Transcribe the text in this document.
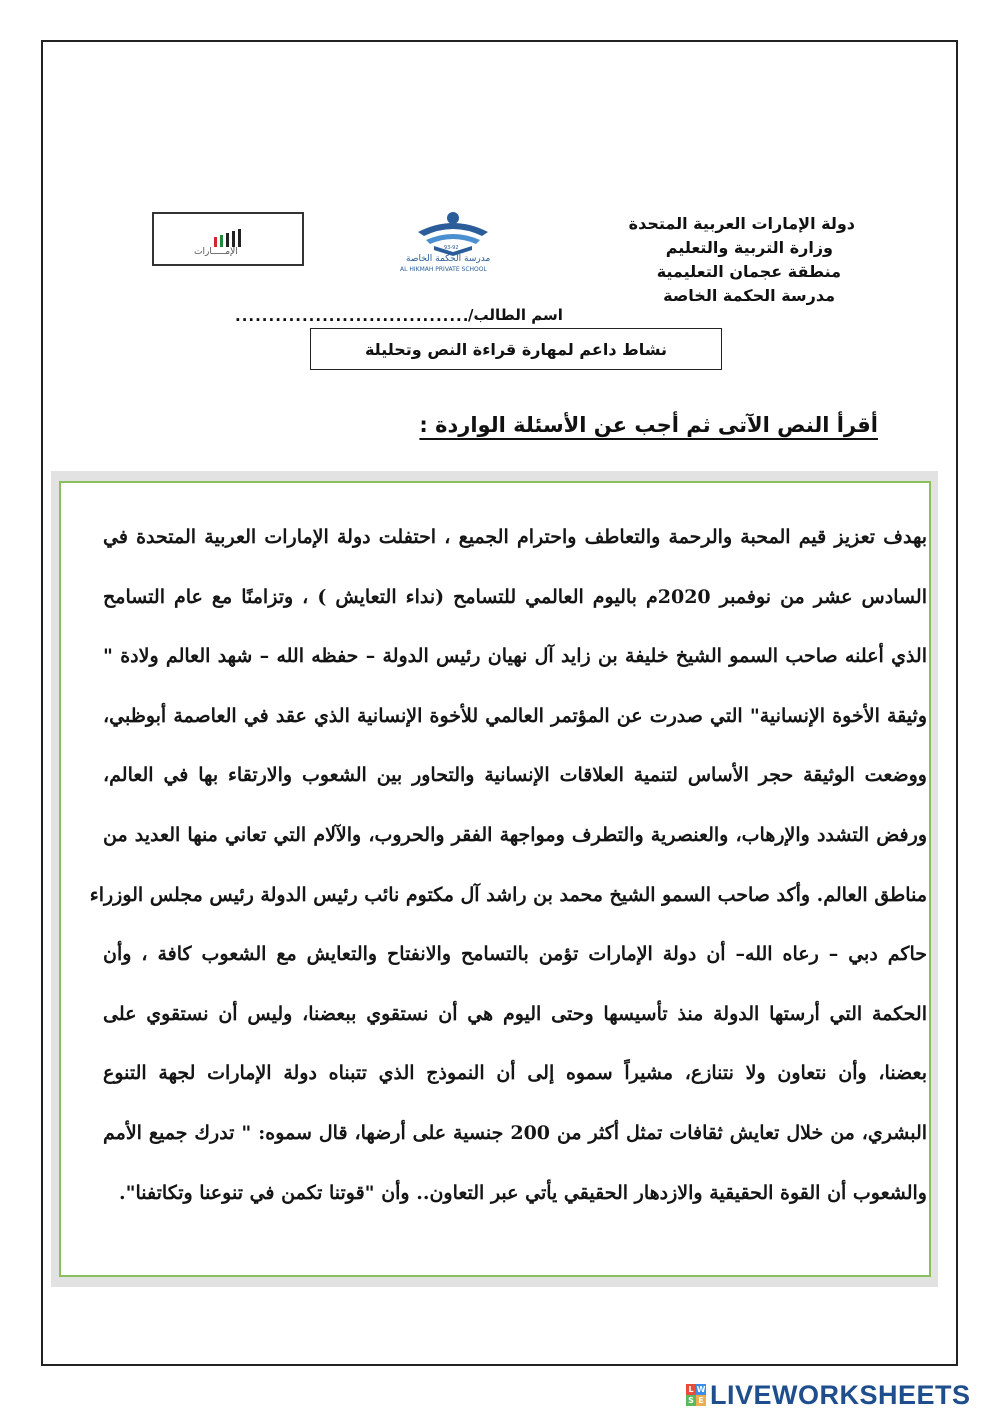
دولة الإمارات العربية المتحدة
وزارة التربية والتعليم
منطقة عجمان التعليمية
مدرسة الحكمة الخاصة
الإمـــــارات	93-92
مدرسة الحكمة الخاصة
AL HIKMAH PRIVATE SCHOOL
...................................
اسم الطالب/
نشاط داعم لمهارة قراءة النص وتحليلة
أقرأ النص الآتى ثم أجب عن الأسئلة الواردة :
بهدف تعزيز قيم المحبة والرحمة والتعاطف واحترام الجميع ، احتفلت دولة الإمارات العربية المتحدة في
السادس عشر من نوفمبر 2020م باليوم العالمي للتسامح (نداء التعايش ) ، وتزامنًا مع عام التسامح
الذي أعلنه صاحب السمو الشيخ خليفة بن زايد آل نهيان رئيس الدولة – حفظه الله – شهد العالم ولادة "
وثيقة الأخوة الإنسانية" التي صدرت عن المؤتمر العالمي للأخوة الإنسانية الذي عقد في العاصمة أبوظبي،
ووضعت الوثيقة حجر الأساس لتنمية العلاقات الإنسانية والتحاور بين الشعوب والارتقاء بها في العالم،
ورفض التشدد والإرهاب، والعنصرية والتطرف ومواجهة الفقر والحروب، والآلام التي تعاني منها العديد من
مناطق العالم. وأكد صاحب السمو الشيخ محمد بن راشد آل مكتوم نائب رئيس الدولة رئيس مجلس الوزراء
حاكم دبي – رعاه الله– أن دولة الإمارات تؤمن بالتسامح والانفتاح والتعايش مع الشعوب كافة ، وأن
الحكمة التي أرستها الدولة منذ تأسيسها وحتى اليوم هي أن نستقوي ببعضنا، وليس أن نستقوي على
بعضنا، وأن نتعاون ولا نتنازع، مشيراً سموه إلى أن النموذج الذي تتبناه دولة الإمارات لجهة التنوع
البشري، من خلال تعايش ثقافات تمثل أكثر من 200 جنسية على أرضها، قال سموه: " تدرك جميع الأمم
والشعوب أن القوة الحقيقية والازدهار الحقيقي يأتي عبر التعاون.. وأن "قوتنا تكمن في تنوعنا وتكاتفنا".
L W
S E LIVEWORKSHEETS
